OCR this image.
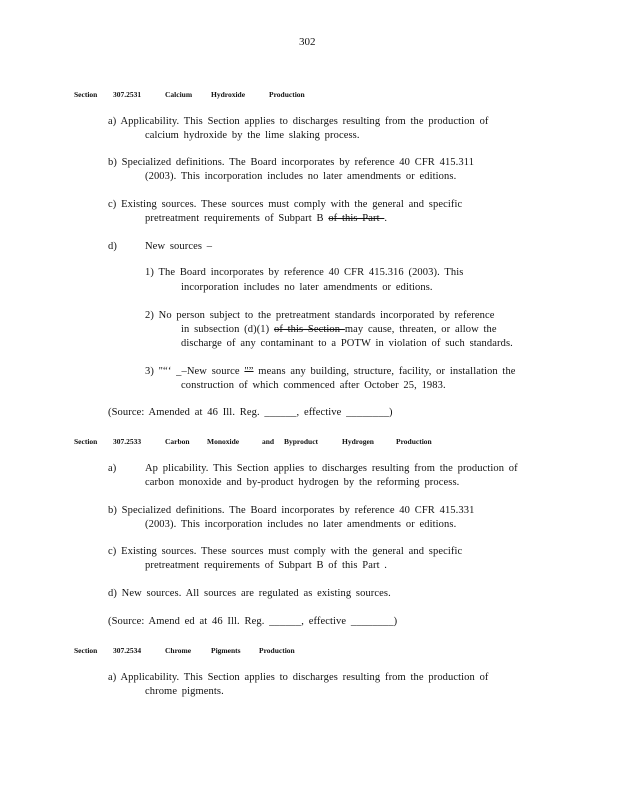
302
Section 307.2531	Calcium	Hydroxide	Production
a) Applicability. This Section applies to discharges resulting from the production of
calcium hydroxide by the lime slaking process.
b) Specialized definitions. The Board incorporates by reference 40 CFR 415.311
(2003). This incorporation includes no later amendments or editions.
c) Existing sources. These sources must comply with the general and specific
pretreatment requirements of Subpart B of this Part .
d)	New sources –
1) The Board incorporates by reference 40 CFR 415.316 (2003). This
incorporation includes no later amendments or editions.
2) No person subject to the pretreatment standards incorporated by reference
in subsection (d)(1) of this Section may cause, threaten, or allow the
discharge of any contaminant to a POTW in violation of such standards.
3) "“‘ _–New source "” means any building, structure, facility, or installation the
construction of which commenced after October 25, 1983.
(Source: Amended at 46 Ill. Reg. ______, effective ________)
Section 307.2533	Carbon Monoxide	and Byproduct	Hydrogen	Production
a)	Ap plicability. This Section applies to discharges resulting from the production of
carbon monoxide and by-product hydrogen by the reforming process.
b) Specialized definitions. The Board incorporates by reference 40 CFR 415.331
(2003). This incorporation includes no later amendments or editions.
c) Existing sources. These sources must comply with the general and specific
pretreatment requirements of Subpart B of this Part .
d) New sources. All sources are regulated as existing sources.
(Source: Amend ed at 46 Ill. Reg. ______, effective ________)
Section 307.2534	Chrome	Pigments Production
a) Applicability. This Section applies to discharges resulting from the production of
chrome pigments.
